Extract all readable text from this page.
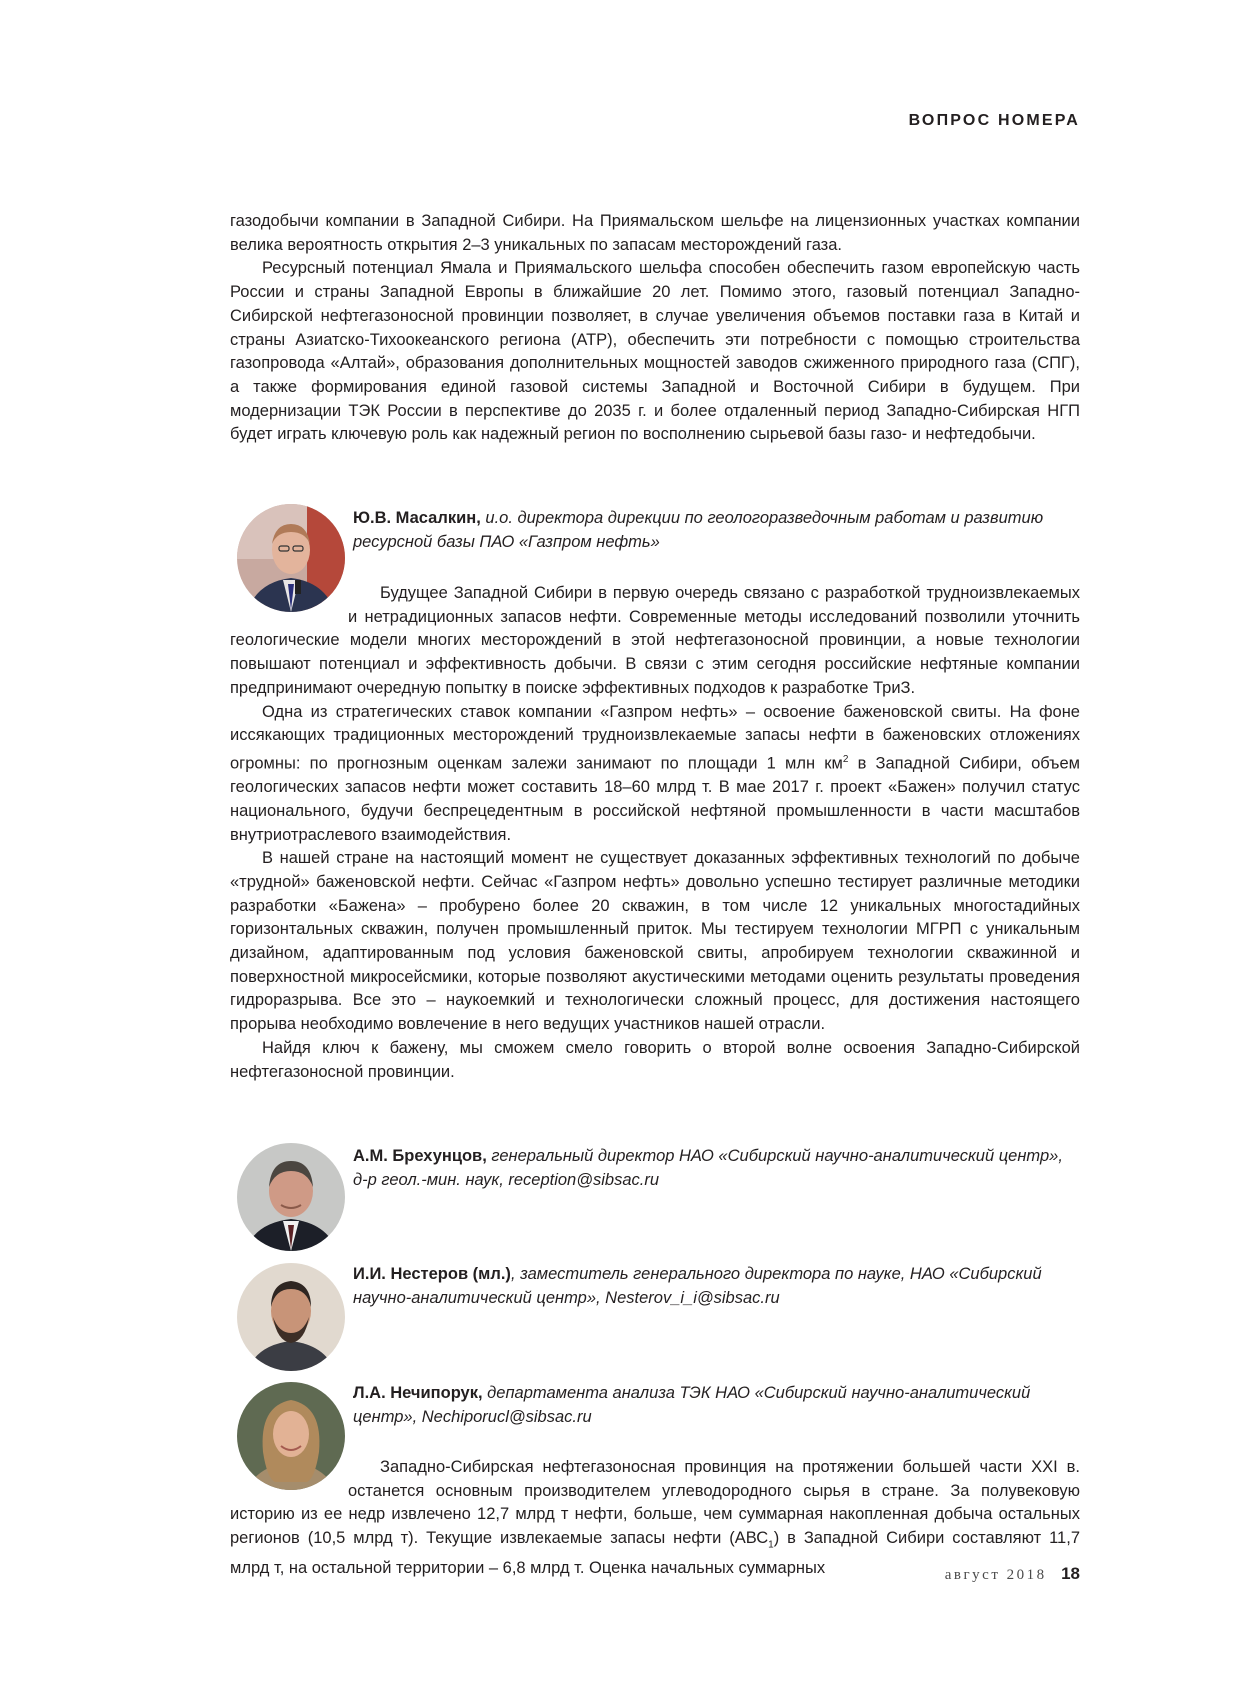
ВОПРОС НОМЕРА

газодобычи компании в Западной Сибири. На Приямальском шельфе на лицензионных участках компании велика вероятность открытия 2–3 уникальных по запасам месторождений газа.

Ресурсный потенциал Ямала и Приямальского шельфа способен обеспечить газом европейскую часть России и страны Западной Европы в ближайшие 20 лет. Помимо этого, газовый потенциал Западно-Сибирской нефтегазоносной провинции позволяет, в случае увеличения объемов поставки газа в Китай и страны Азиатско-Тихоокеанского региона (АТР), обеспечить эти потребности с помощью строительства газопровода «Алтай», образования дополнительных мощностей заводов сжиженного природного газа (СПГ), а также формирования единой газовой системы Западной и Восточной Сибири в будущем. При модернизации ТЭК России в перспективе до 2035 г. и более отдаленный период Западно-Сибирская НГП будет играть ключевую роль как надежный регион по восполнению сырьевой базы газо- и нефтедобычи.

Ю.В. Масалкин, и.о. директора дирекции по геологоразведочным работам и развитию ресурсной базы ПАО «Газпром нефть»

Будущее Западной Сибири в первую очередь связано с разработкой трудноизвлекаемых и нетрадиционных запасов нефти. Современные методы исследований позволили уточнить геологические модели многих месторождений в этой нефтегазоносной провинции, а новые технологии повышают потенциал и эффективность добычи. В связи с этим сегодня российские нефтяные компании предпринимают очередную попытку в поиске эффективных подходов к разработке ТриЗ.

Одна из стратегических ставок компании «Газпром нефть» – освоение баженовской свиты. На фоне иссякающих традиционных месторождений трудноизвлекаемые запасы нефти в баженовских отложениях огромны: по прогнозным оценкам залежи занимают по площади 1 млн $км^2$ в Западной Сибири, объем геологических запасов нефти может составить 18–60 млрд т. В мае 2017 г. проект «Бажен» получил статус национального, будучи беспрецедентным в российской нефтяной промышленности в части масштабов внутриотраслевого взаимодействия.

В нашей стране на настоящий момент не существует доказанных эффективных технологий по добыче «трудной» баженовской нефти. Сейчас «Газпром нефть» довольно успешно тестирует различные методики разработки «Бажена» – пробурено более 20 скважин, в том числе 12 уникальных многостадийных горизонтальных скважин, получен промышленный приток. Мы тестируем технологии МГРП с уникальным дизайном, адаптированным под условия баженовской свиты, апробируем технологии скважинной и поверхностной микросейсмики, которые позволяют акустическими методами оценить результаты проведения гидроразрыва. Все это – наукоемкий и технологически сложный процесс, для достижения настоящего прорыва необходимо вовлечение в него ведущих участников нашей отрасли.

Найдя ключ к бажену, мы сможем смело говорить о второй волне освоения Западно-Сибирской нефтегазоносной провинции.

А.М. Брехунцов, генеральный директор НАО «Сибирский научно-аналитический центр», д-р геол.-мин. наук, reception@sibsac.ru
И.И. Нестеров (мл.), заместитель генерального директора по науке, НАО «Сибирский научно-аналитический центр», Nesterov_i_i@sibsac.ru
Л.А. Нечипорук, департамента анализа ТЭК НАО «Сибирский научно-аналитический центр», Nechiporucl@sibsac.ru

Западно-Сибирская нефтегазоносная провинция на протяжении большей части XXI в. останется основным производителем углеводородного сырья в стране. За полувековую историю из ее недр извлечено 12,7 млрд т нефти, больше, чем суммарная накопленная добыча остальных регионов (10,5 млрд т). Текущие извлекаемые запасы нефти $(АВС_1)$ в Западной Сибири составляют 11,7 млрд т, на остальной территории – 6,8 млрд т. Оценка начальных суммарных	август 2018 18
